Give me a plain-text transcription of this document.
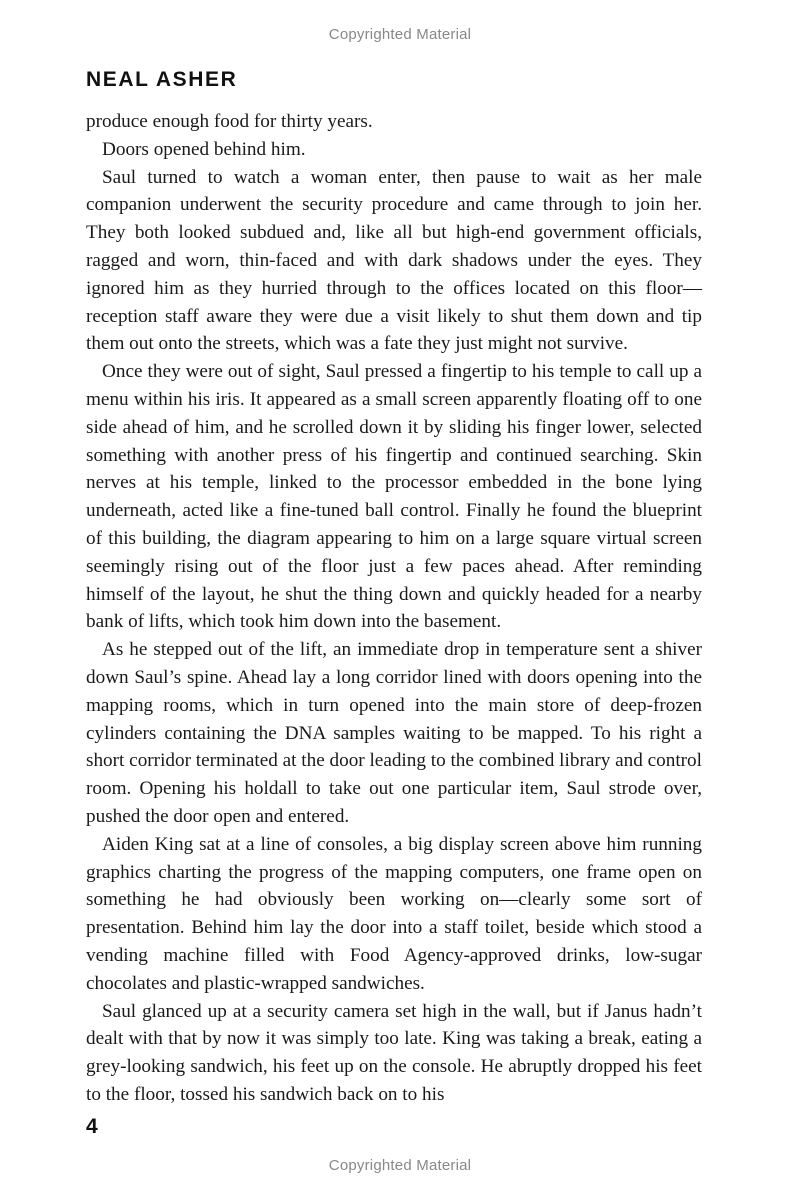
Copyrighted Material
NEAL ASHER

produce enough food for thirty years.

Doors opened behind him.

Saul turned to watch a woman enter, then pause to wait as her male companion underwent the security procedure and came through to join her. They both looked subdued and, like all but high-end government officials, ragged and worn, thin-faced and with dark shadows under the eyes. They ignored him as they hurried through to the offices located on this floor—reception staff aware they were due a visit likely to shut them down and tip them out onto the streets, which was a fate they just might not survive.

Once they were out of sight, Saul pressed a fingertip to his temple to call up a menu within his iris. It appeared as a small screen apparently floating off to one side ahead of him, and he scrolled down it by sliding his finger lower, selected something with another press of his fingertip and continued searching. Skin nerves at his temple, linked to the processor embedded in the bone lying underneath, acted like a fine-tuned ball control. Finally he found the blueprint of this building, the diagram appearing to him on a large square virtual screen seemingly rising out of the floor just a few paces ahead. After reminding himself of the layout, he shut the thing down and quickly headed for a nearby bank of lifts, which took him down into the basement.

As he stepped out of the lift, an immediate drop in temperature sent a shiver down Saul’s spine. Ahead lay a long corridor lined with doors opening into the mapping rooms, which in turn opened into the main store of deep-frozen cylinders containing the DNA samples waiting to be mapped. To his right a short corridor terminated at the door leading to the combined library and control room. Opening his holdall to take out one particular item, Saul strode over, pushed the door open and entered.

Aiden King sat at a line of consoles, a big display screen above him running graphics charting the progress of the mapping computers, one frame open on something he had obviously been working on—clearly some sort of presentation. Behind him lay the door into a staff toilet, beside which stood a vending machine filled with Food Agency-approved drinks, low-sugar chocolates and plastic-wrapped sandwiches.

Saul glanced up at a security camera set high in the wall, but if Janus hadn’t dealt with that by now it was simply too late. King was taking a break, eating a grey-looking sandwich, his feet up on the console. He abruptly dropped his feet to the floor, tossed his sandwich back on to his

4
Copyrighted Material
